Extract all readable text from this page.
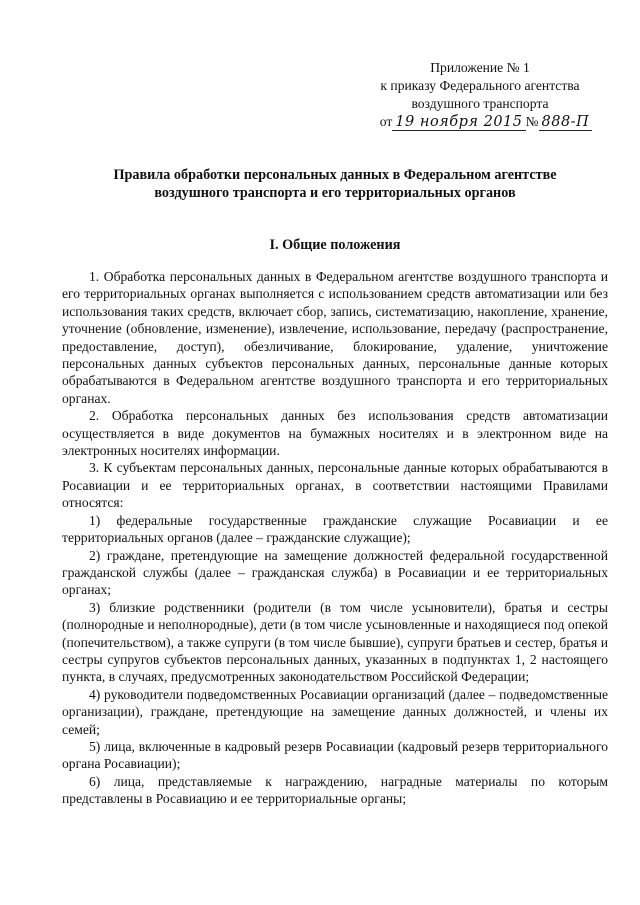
Приложение № 1
к приказу Федерального агентства
воздушного транспорта
от 19 ноября 2015 № 888-П
Правила обработки персональных данных в Федеральном агентстве
воздушного транспорта и его территориальных органов
I. Общие положения

1. Обработка персональных данных в Федеральном агентстве воздушного транспорта и его территориальных органах выполняется с использованием средств автоматизации или без использования таких средств, включает сбор, запись, систематизацию, накопление, хранение, уточнение (обновление, изменение), извлечение, использование, передачу (распространение, предоставление, доступ), обезличивание, блокирование, удаление, уничтожение персональных данных субъектов персональных данных, персональные данные которых обрабатываются в Федеральном агентстве воздушного транспорта и его территориальных органах.

2. Обработка персональных данных без использования средств автоматизации осуществляется в виде документов на бумажных носителях и в электронном виде на электронных носителях информации.

3. К субъектам персональных данных, персональные данные которых обрабатываются в Росавиации и ее территориальных органах, в соответствии настоящими Правилами относятся:

1) федеральные государственные гражданские служащие Росавиации и ее территориальных органов (далее – гражданские служащие);

2) граждане, претендующие на замещение должностей федеральной государственной гражданской службы (далее – гражданская служба) в Росавиации и ее территориальных органах;

3) близкие родственники (родители (в том числе усыновители), братья и сестры (полнородные и неполнородные), дети (в том числе усыновленные и находящиеся под опекой (попечительством), а также супруги (в том числе бывшие), супруги братьев и сестер, братья и сестры супругов субъектов персональных данных, указанных в подпунктах 1, 2 настоящего пункта, в случаях, предусмотренных законодательством Российской Федерации;

4) руководители подведомственных Росавиации организаций (далее – подведомственные организации), граждане, претендующие на замещение данных должностей, и члены их семей;

5) лица, включенные в кадровый резерв Росавиации (кадровый резерв территориального органа Росавиации);

6) лица, представляемые к награждению, наградные материалы по которым представлены в Росавиацию и ее территориальные органы;
